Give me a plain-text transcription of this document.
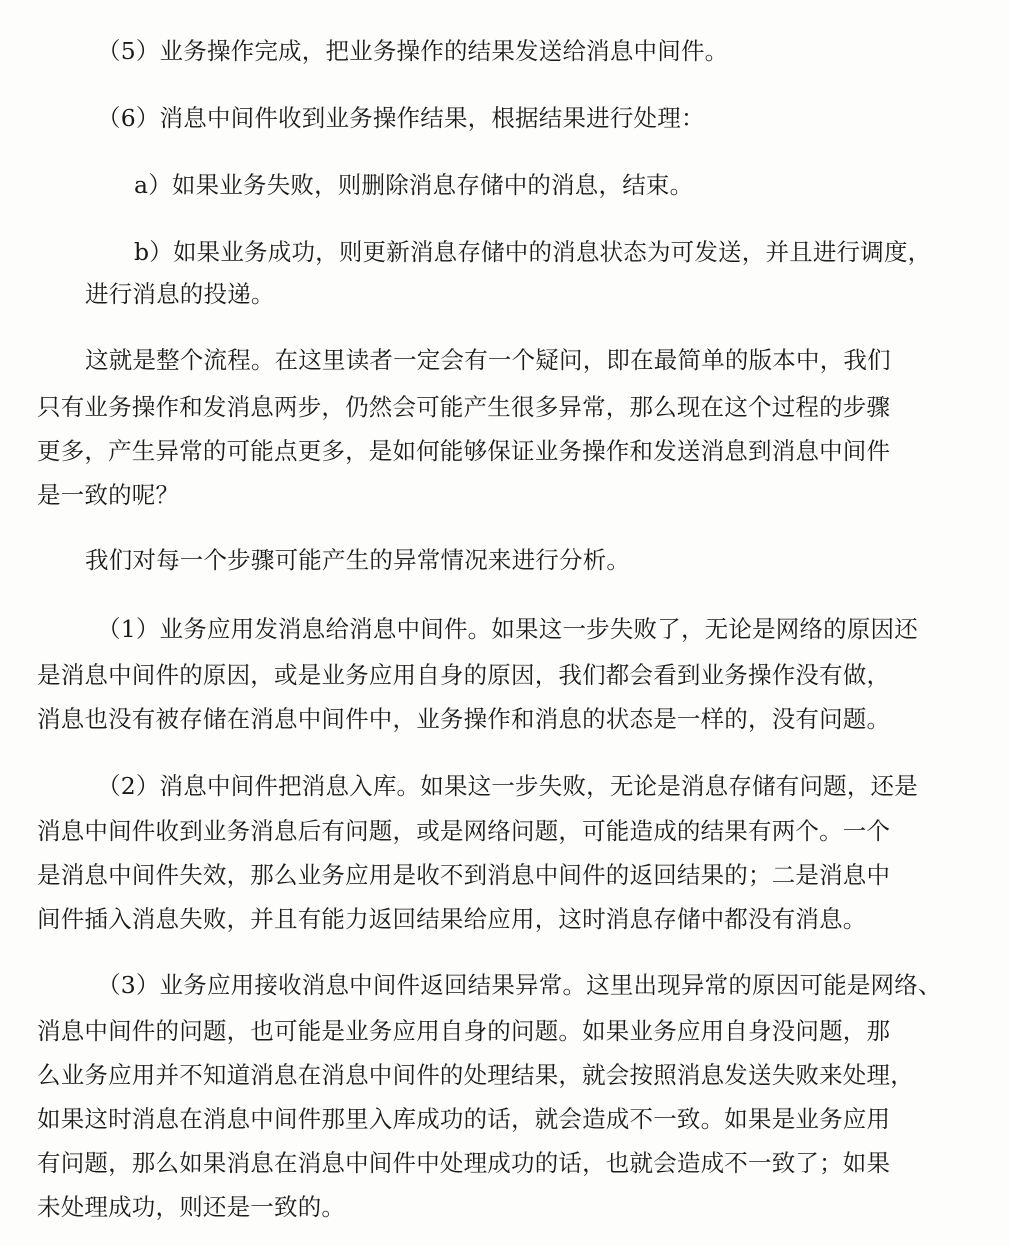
（5）业务操作完成，把业务操作的结果发送给消息中间件。
（6）消息中间件收到业务操作结果，根据结果进行处理：
a）如果业务失败，则删除消息存储中的消息，结束。
b）如果业务成功，则更新消息存储中的消息状态为可发送，并且进行调度，
进行消息的投递。
这就是整个流程。在这里读者一定会有一个疑问，即在最简单的版本中，我们
只有业务操作和发消息两步，仍然会可能产生很多异常，那么现在这个过程的步骤
更多，产生异常的可能点更多，是如何能够保证业务操作和发送消息到消息中间件
是一致的呢？
我们对每一个步骤可能产生的异常情况来进行分析。
（1）业务应用发消息给消息中间件。如果这一步失败了，无论是网络的原因还
是消息中间件的原因，或是业务应用自身的原因，我们都会看到业务操作没有做，
消息也没有被存储在消息中间件中，业务操作和消息的状态是一样的，没有问题。
（2）消息中间件把消息入库。如果这一步失败，无论是消息存储有问题，还是
消息中间件收到业务消息后有问题，或是网络问题，可能造成的结果有两个。一个
是消息中间件失效，那么业务应用是收不到消息中间件的返回结果的；二是消息中
间件插入消息失败，并且有能力返回结果给应用，这时消息存储中都没有消息。
（3）业务应用接收消息中间件返回结果异常。这里出现异常的原因可能是网络、
消息中间件的问题，也可能是业务应用自身的问题。如果业务应用自身没问题，那
么业务应用并不知道消息在消息中间件的处理结果，就会按照消息发送失败来处理，
如果这时消息在消息中间件那里入库成功的话，就会造成不一致。如果是业务应用
有问题，那么如果消息在消息中间件中处理成功的话，也就会造成不一致了；如果
未处理成功，则还是一致的。
